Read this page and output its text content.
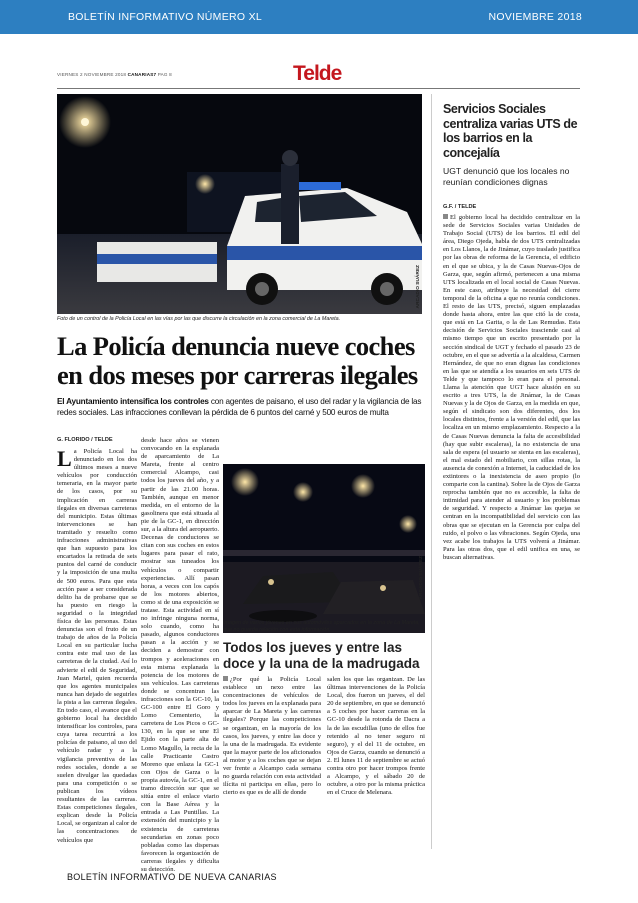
BOLETÍN INFORMATIVO NÚMERO XL	NOVIEMBRE 2018
VIERNES 2 NOVIEMBRE 2018 CANARIAS7 PAG 8	Telde
ARCADIO SUÁREZ
Foto de un control de la Policía Local en las vías por las que discurre la circulación en la zona comercial de La Mareta.
La Policía denuncia nueve coches en dos meses por carreras ilegales

El Ayuntamiento intensifica los controles con agentes de paisano, el uso del radar y la vigilancia de las redes sociales. Las infracciones conllevan la pérdida de 6 puntos del carné y 500 euros de multa

G. FLORIDO / TELDE
La Policía Local ha denunciado en los dos últimos meses a nueve vehículos por conducción temeraria, en la mayor parte de los casos, por su implicación en carreras ilegales en diversas carreteras del municipio. Estas últimas intervenciones se han tramitado y resuelto como infracciones administrativas que han supuesto para los encartados la retirada de seis puntos del carné de conducir y la imposición de una multa de 500 euros. Para que esta acción pase a ser considerada delito ha de probarse que se ha puesto en riesgo la seguridad o la integridad física de las personas. Estas denuncias son el fruto de un trabajo de años de la Policía Local en su particular lucha contra este mal uso de las carreteras de la ciudad. Así lo advierte el edil de Seguridad, Juan Martel, quien recuerda que los agentes municipales nunca han dejado de seguirles la pista a las carreras ilegales. En todo caso, el avance que el gobierno local ha decidido intensificar los controles, para cuya tarea recurrirá a los policías de paisano, al uso del vehículo radar y a la vigilancia preventiva de las redes sociales, donde a se suelen divulgar las quedadas para una competición o se publican los vídeos resultantes de las carreras. Estas competiciones ilegales, explican desde la Policía Local, se organizan al calor de las concentraciones de vehículos que
desde hace años se vienen convocando en la explanada de aparcamiento de La Mareta, frente al centro comercial Alcampo, casi todos los jueves del año, y a partir de las 21.00 horas. También, aunque en menor medida, en el entorno de la gasolinera que está situada al pie de la GC-1, en dirección sur, a la altura del aeropuerto. Decenas de conductores se citan con sus coches en estos lugares para pasar el rato, mostrar sus tuneados los vehículos o compartir experiencias. Allí pasan horas, a veces con los capós de los motores abiertos, como si de una exposición se tratase. Esta actividad en sí no infringe ninguna norma, solo cuando, como ha pasado, algunos conductores pasan a la acción y se deciden a demostrar con trompos y aceleraciones en esta misma explanada la potencia de los motores de sus vehículos. Las carreteras donde se concentran las infracciones son la GC-10, la GC-100 entre El Goro y Lomo Cementerio, la carretera de Los Picos o GC-130, en la que se une El Ejido con la parte alta de Lomo Magullo, la recta de la calle Practicante Castro Moreno que enlaza la GC-1 con Ojos de Garza o la propia autovía, la GC-1, en el tramo dirección sur que se sitúa entre el enlace viario con la Base Aérea y la entrada a Las Puntillas. La extensión del municipio y la existencia de carreteras secundarias en zonas poco pobladas como las dispersas favorecen la organización de carreras ilegales y dificulta su detección.
ARCADIO SUÁREZ
Imagen de varios jóvenes en sus automóviles aparcados en la zona de La Mareta, que no guarda relación con esta información.
Todos los jueves y entre las doce y la una de la madrugada
¿Por qué la Policía Local establece un nexo entre las concentraciones de vehículos de todos los jueves en la explanada para aparcar de La Mareta y las carreras ilegales? Porque las competiciones se organizan, en la mayoría de los casos, los jueves, y entre las doce y la una de la madrugada. Es evidente que la mayor parte de los aficionados al motor y a los coches que se dejan ver frente a Alcampo cada semana no guarda relación con esta actividad ilícita ni participa en ellas, pero lo cierto es que es de allí de donde
salen los que las organizan. De las últimas intervenciones de la Policía Local, dos fueron un jueves, el del 20 de septiembre, en que se denunció a 5 coches por hacer carreras en la GC-10 desde la rotonda de Dacra a la de las escudillas (uno de ellos fue retenido al no tener seguro ni seguro), y el del 11 de octubre, en Ojos de Garza, cuando se denunció a 2. El lunes 11 de septiembre se actuó contra otro por hacer trompos frente a Alcampo, y el sábado 20 de octubre, a otro por la misma práctica en el Cruce de Melenara.
Servicios Sociales centraliza varias UTS de los barrios en la concejalía

UGT denunció que los locales no reunían condiciones dignas

G.F. / TELDE
El gobierno local ha decidido centralizar en la sede de Servicios Sociales varias Unidades de Trabajo Social (UTS) de los barrios. El edil del área, Diego Ojeda, habla de dos UTS centralizadas en Los Llanos, la de Jinámar, cuyo traslado justifica por las obras de reforma de la Gerencia, el edificio en el que se ubica, y la de Casas Nuevas-Ojos de Garza, que, según afirmó, pertenecen a una misma UTS localizada en el local social de Casas Nuevas. En este caso, atribuye la necesidad del cierre temporal de la oficina a que no reunía condiciones. El resto de las UTS, precisó, siguen emplazadas donde hasta ahora, entre las que citó la de costa, que está en La Garita, o la de Las Remudas. Esta decisión de Servicios Sociales trasciende casi al mismo tiempo que un escrito presentado por la sección sindical de UGT y fechado el pasado 23 de octubre, en el que se advertía a la alcaldesa, Carmen Hernández, de que no eran dignas las condiciones en las que se atendía a los usuarios en seis UTS de Telde y que tampoco lo eran para el personal. Llama la atención que UGT hace alusión en su escrito a tres UTS, la de Jinámar, la de Casas Nuevas y la de Ojos de Garza, en la medida en que, según el sindicato son dos diferentes, dos los locales distintos, frente a la versión del edil, que las localiza en un mismo emplazamiento. Respecto a la de Casas Nuevas denuncia la falta de accesibilidad (hay que subir escaleras), la no existencia de una sala de espera (el usuario se sienta en las escaleras), el mal estado del mobiliario, con sillas rotas, la ausencia de conexión a Internet, la caducidad de los extintores o la inexistencia de aseo propio (lo comparte con la cantina). Sobre la de Ojos de Garza reprocha también que no es accesible, la falta de intimidad para atender al usuario y los problemas de seguridad. Y respecto a Jinámar las quejas se centran en la incompatibilidad del servicio con las obras que se ejecutan en la Gerencia por culpa del ruido, el polvo o las vibraciones. Según Ojeda, una vez acabe los trabajos la UTS volverá a Jinámar. Para las otras dos, que el edil unifica en una, se buscan alternativas.
BOLETÍN INFORMATIVO DE NUEVA CANARIAS
